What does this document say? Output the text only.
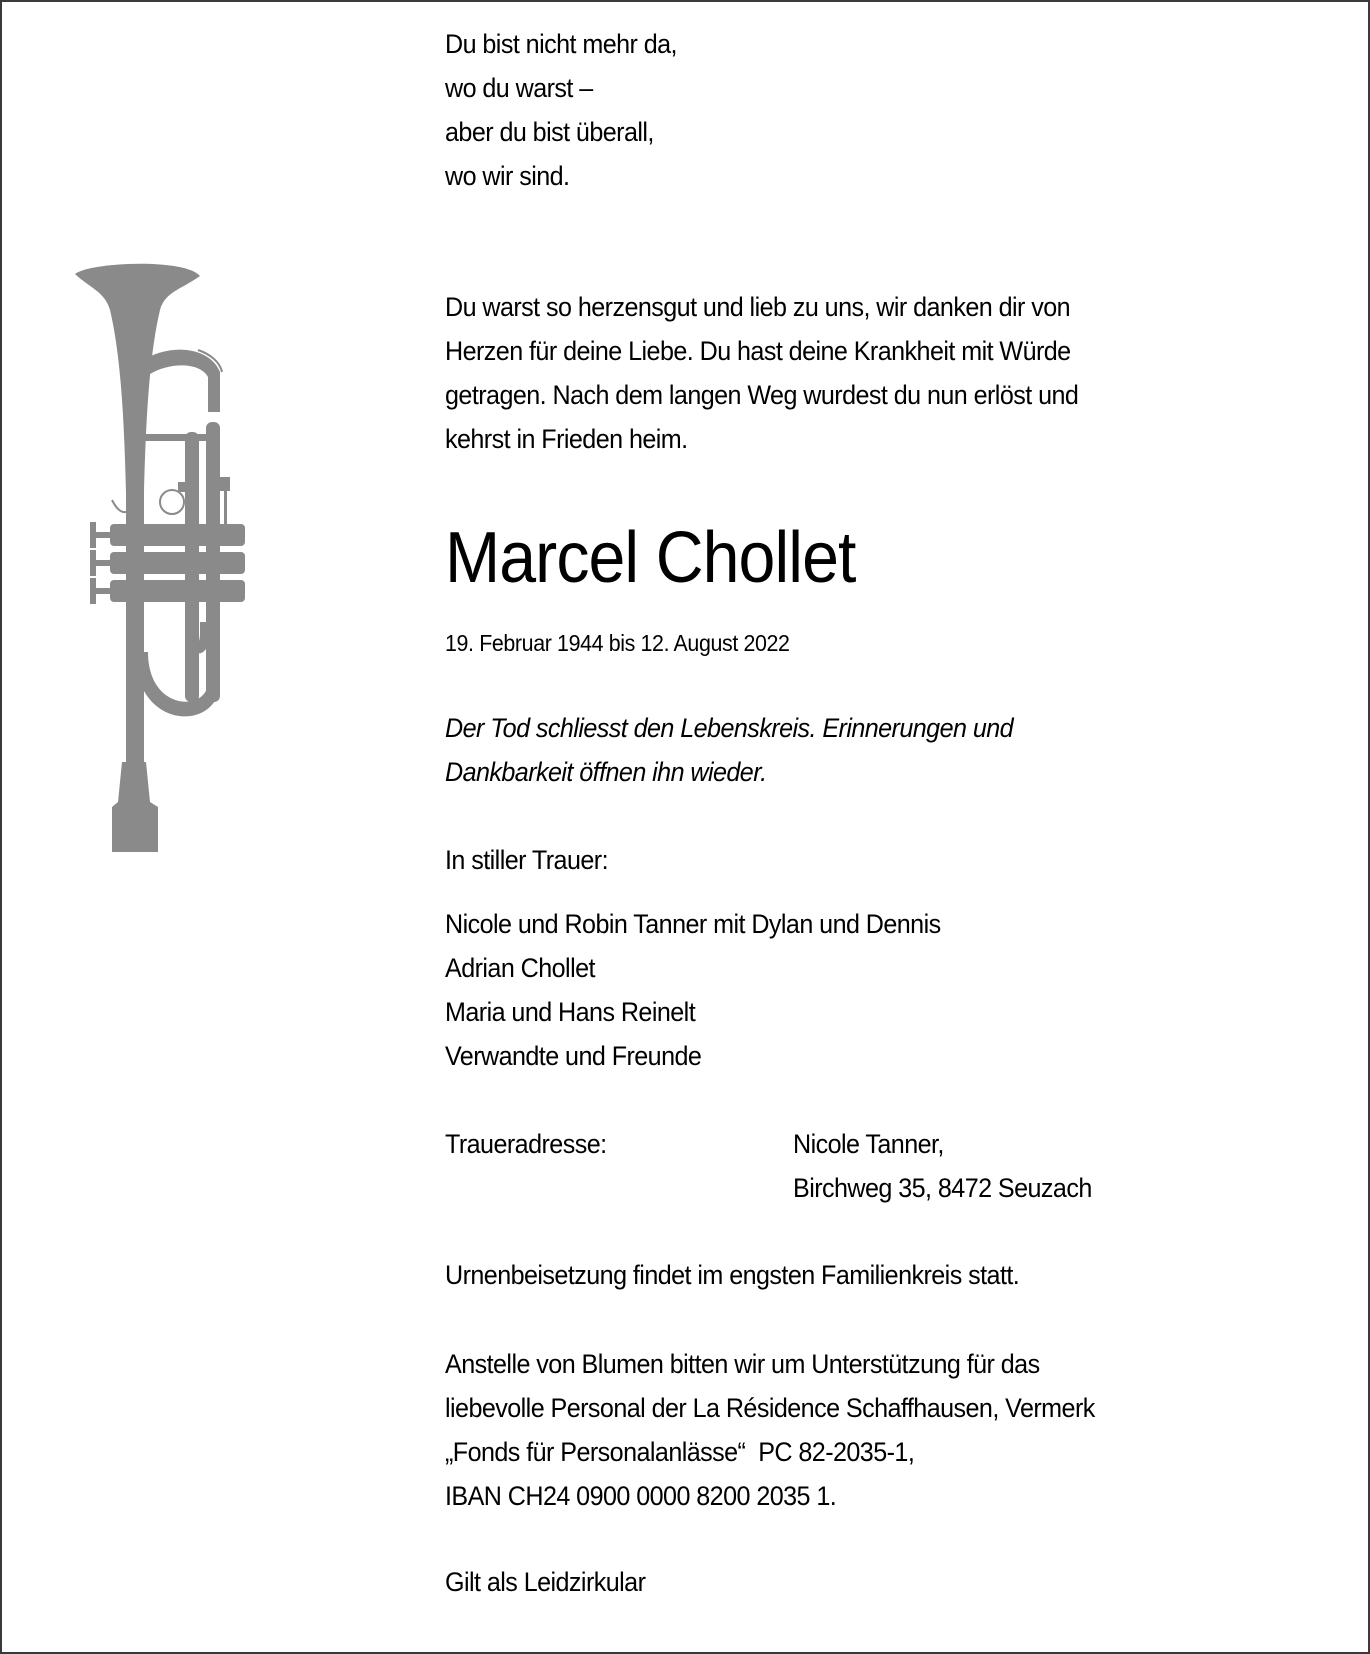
Du bist nicht mehr da,
wo du warst –
aber du bist überall,
wo wir sind.
Du warst so herzensgut und lieb zu uns, wir danken dir von
Herzen für deine Liebe. Du hast deine Krankheit mit Würde
getragen. Nach dem langen Weg wurdest du nun erlöst und
kehrst in Frieden heim.
Marcel Chollet
19. Februar 1944 bis 12. August 2022
Der Tod schliesst den Lebenskreis. Erinnerungen und
Dankbarkeit öffnen ihn wieder.
In stiller Trauer:
Nicole und Robin Tanner mit Dylan und Dennis
Adrian Chollet
Maria und Hans Reinelt
Verwandte und Freunde
Traueradresse:	Nicole Tanner,
Birchweg 35, 8472 Seuzach
Urnenbeisetzung findet im engsten Familienkreis statt.
Anstelle von Blumen bitten wir um Unterstützung für das
liebevolle Personal der La Résidence Schaffhausen, Vermerk
„Fonds für Personalanlässe“  PC 82-2035-1,
IBAN CH24 0900 0000 8200 2035 1.
Gilt als Leidzirkular
